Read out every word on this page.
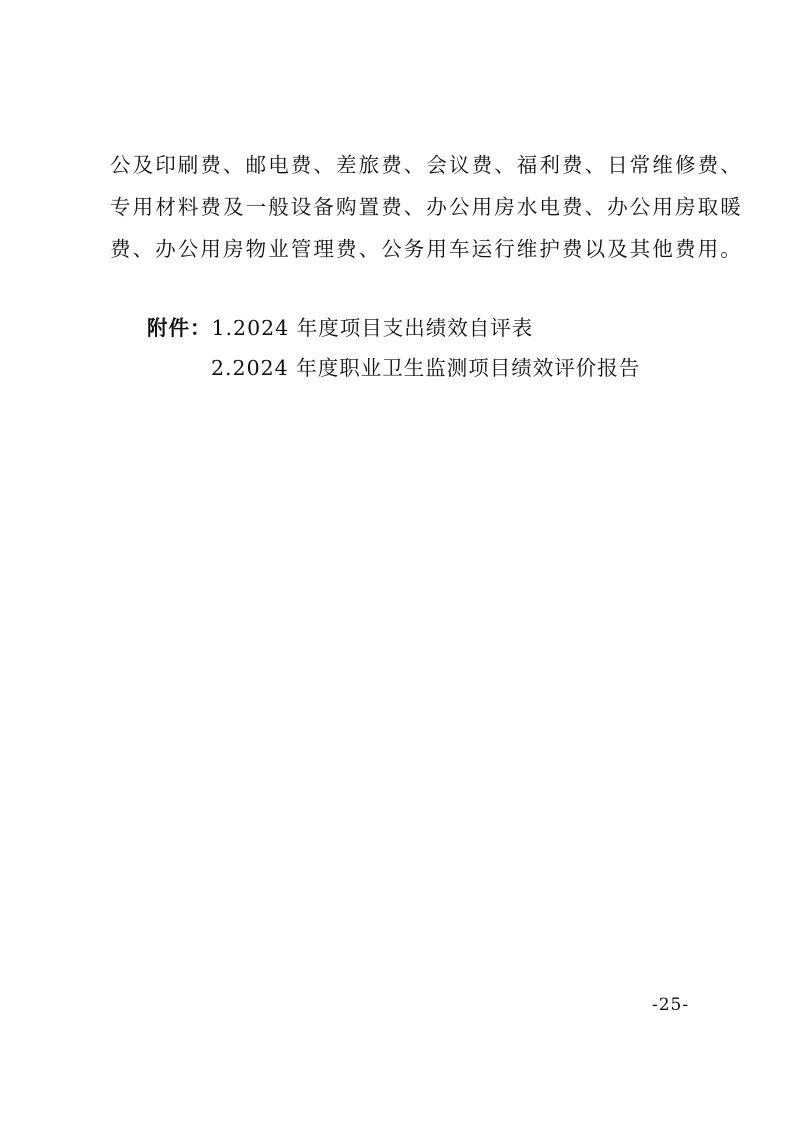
公及印刷费、邮电费、差旅费、会议费、福利费、日常维修费、
专用材料费及一般设备购置费、办公用房水电费、办公用房取暖
费、办公用房物业管理费、公务用车运行维护费以及其他费用。
附件：1.2024 年度项目支出绩效自评表
2.2024 年度职业卫生监测项目绩效评价报告
-25-
